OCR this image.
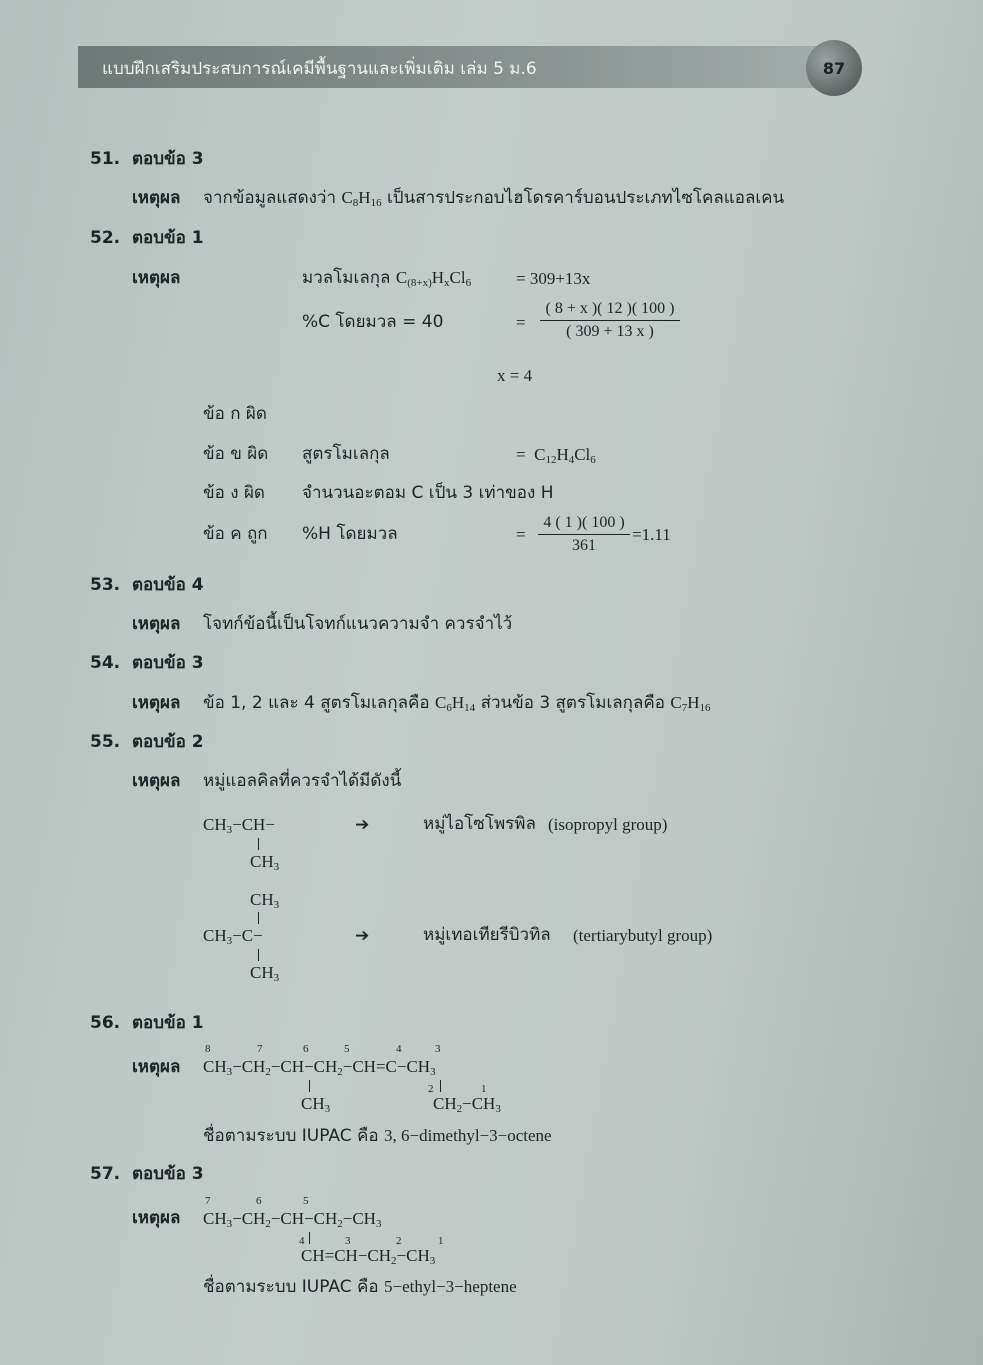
แบบฝึกเสริมประสบการณ์เคมีพื้นฐานและเพิ่มเติม เล่ม 5 ม.6	87
51. ตอบข้อ 3
เหตุผล จากข้อมูลแสดงว่า $C_8H_{16}$ เป็นสารประกอบไฮโดรคาร์บอนประเภทไซโคลแอลเคน
52. ตอบข้อ 1
เหตุผล	มวลโมเลกุล $C_{(8+x)}H_xCl_6$	= 309+13x
%C โดยมวล = 40	=
( 8 + x )( 12 )( 100 )
( 309 + 13 x )
x = 4
ข้อ ก ผิด
ข้อ ข ผิด สูตรโมเลกุล	=  $C_{12}H_4Cl_6$
ข้อ ง ผิด จำนวนอะตอม C เป็น 3 เท่าของ H
ข้อ ค ถูก %H โดยมวล	=
4 ( 1 )( 100 )
361
=1.11
53. ตอบข้อ 4
เหตุผล โจทก์ข้อนี้เป็นโจทก์แนวความจำ ควรจำไว้
54. ตอบข้อ 3
เหตุผล ข้อ 1, 2 และ 4 สูตรโมเลกุลคือ $C_6H_{14}$ ส่วนข้อ 3 สูตรโมเลกุลคือ $C_7H_{16}$
55. ตอบข้อ 2
เหตุผล หมู่แอลคิลที่ควรจำได้มีดังนี้
$CH_3-CH-$
$CH_3$
➔	หมู่ไอโซโพรพิล (isopropyl group)
$CH_3$
$CH_3-C-$
$CH_3$
➔	หมู่เทอเทียรีบิวทิล (tertiarybutyl group)
56. ตอบข้อ 1
เหตุผล
8	7	6	5	4	3
$CH_3-CH_2-CH-CH_2-CH=C-CH_3$
$CH_3$
2	1
$CH_2-CH_3$
ชื่อตามระบบ IUPAC คือ 3, 6−dimethyl−3−octene
57. ตอบข้อ 3
เหตุผล
7	6	5
$CH_3-CH_2-CH-CH_2-CH_3$
4	3	2	1
$CH=CH-CH_2-CH_3$
ชื่อตามระบบ IUPAC คือ 5−ethyl−3−heptene
